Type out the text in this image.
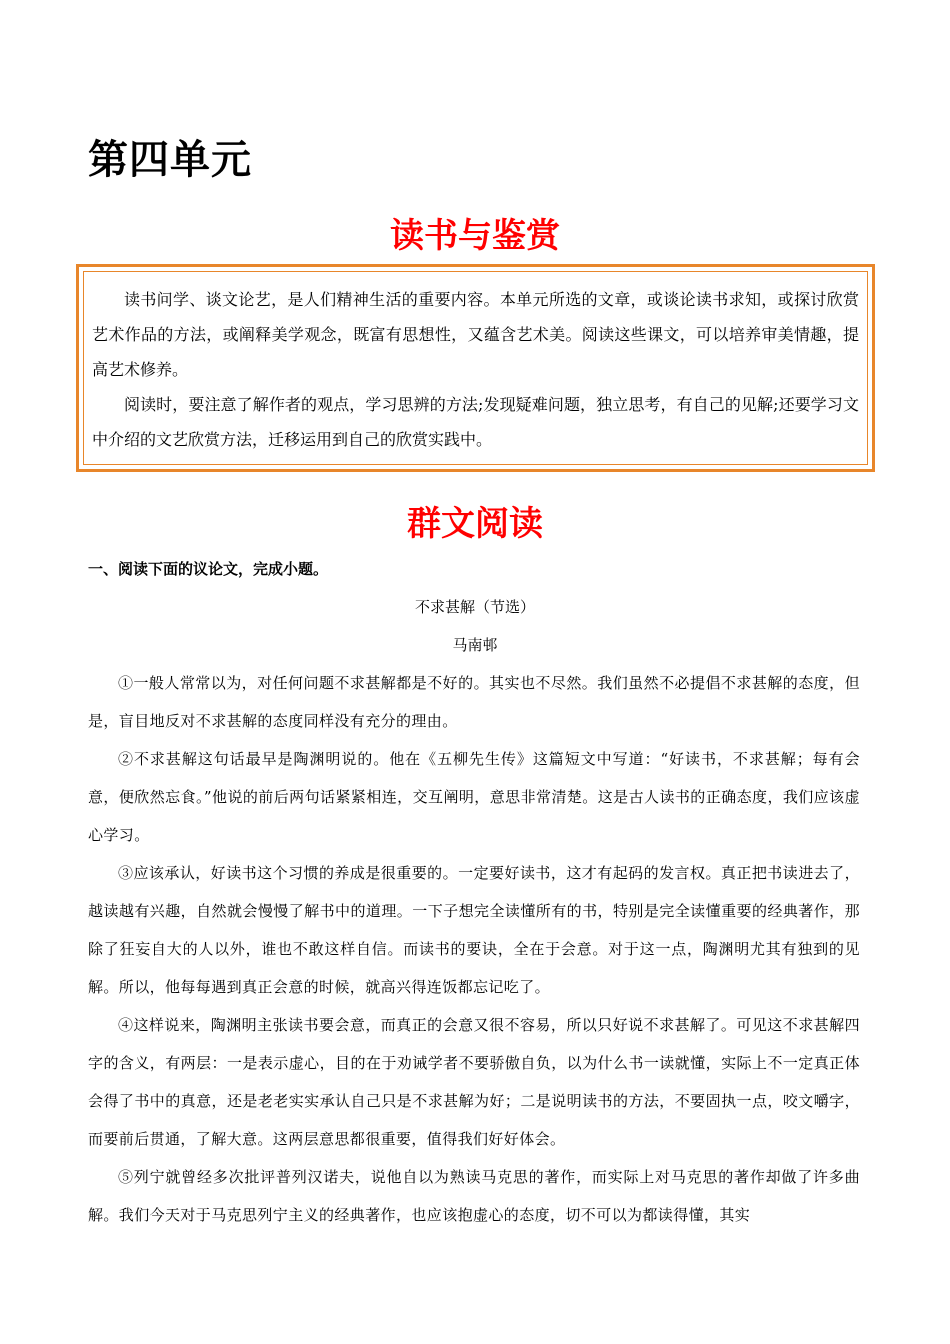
第四单元
读书与鉴赏

读书问学、谈文论艺，是人们精神生活的重要内容。本单元所选的文章，或谈论读书求知，或探讨欣赏艺术作品的方法，或阐释美学观念，既富有思想性，又蕴含艺术美。阅读这些课文，可以培养审美情趣，提高艺术修养。

阅读时，要注意了解作者的观点，学习思辨的方法;发现疑难问题，独立思考，有自己的见解;还要学习文中介绍的文艺欣赏方法，迁移运用到自己的欣赏实践中。

群文阅读

一、阅读下面的议论文，完成小题。

不求甚解（节选）

马南邨

①一般人常常以为，对任何问题不求甚解都是不好的。其实也不尽然。我们虽然不必提倡不求甚解的态度，但是，盲目地反对不求甚解的态度同样没有充分的理由。

②不求甚解这句话最早是陶渊明说的。他在《五柳先生传》这篇短文中写道：“好读书，不求甚解；每有会意，便欣然忘食。”他说的前后两句话紧紧相连，交互阐明，意思非常清楚。这是古人读书的正确态度，我们应该虚心学习。

③应该承认，好读书这个习惯的养成是很重要的。一定要好读书，这才有起码的发言权。真正把书读进去了，越读越有兴趣，自然就会慢慢了解书中的道理。一下子想完全读懂所有的书，特别是完全读懂重要的经典著作，那除了狂妄自大的人以外，谁也不敢这样自信。而读书的要诀，全在于会意。对于这一点，陶渊明尤其有独到的见解。所以，他每每遇到真正会意的时候，就高兴得连饭都忘记吃了。

④这样说来，陶渊明主张读书要会意，而真正的会意又很不容易，所以只好说不求甚解了。可见这不求甚解四字的含义，有两层：一是表示虚心，目的在于劝诫学者不要骄傲自负，以为什么书一读就懂，实际上不一定真正体会得了书中的真意，还是老老实实承认自己只是不求甚解为好；二是说明读书的方法，不要固执一点，咬文嚼字，而要前后贯通，了解大意。这两层意思都很重要，值得我们好好体会。

⑤列宁就曾经多次批评普列汉诺夫，说他自以为熟读马克思的著作，而实际上对马克思的著作却做了许多曲解。我们今天对于马克思列宁主义的经典著作，也应该抱虚心的态度，切不可以为都读得懂，其实
